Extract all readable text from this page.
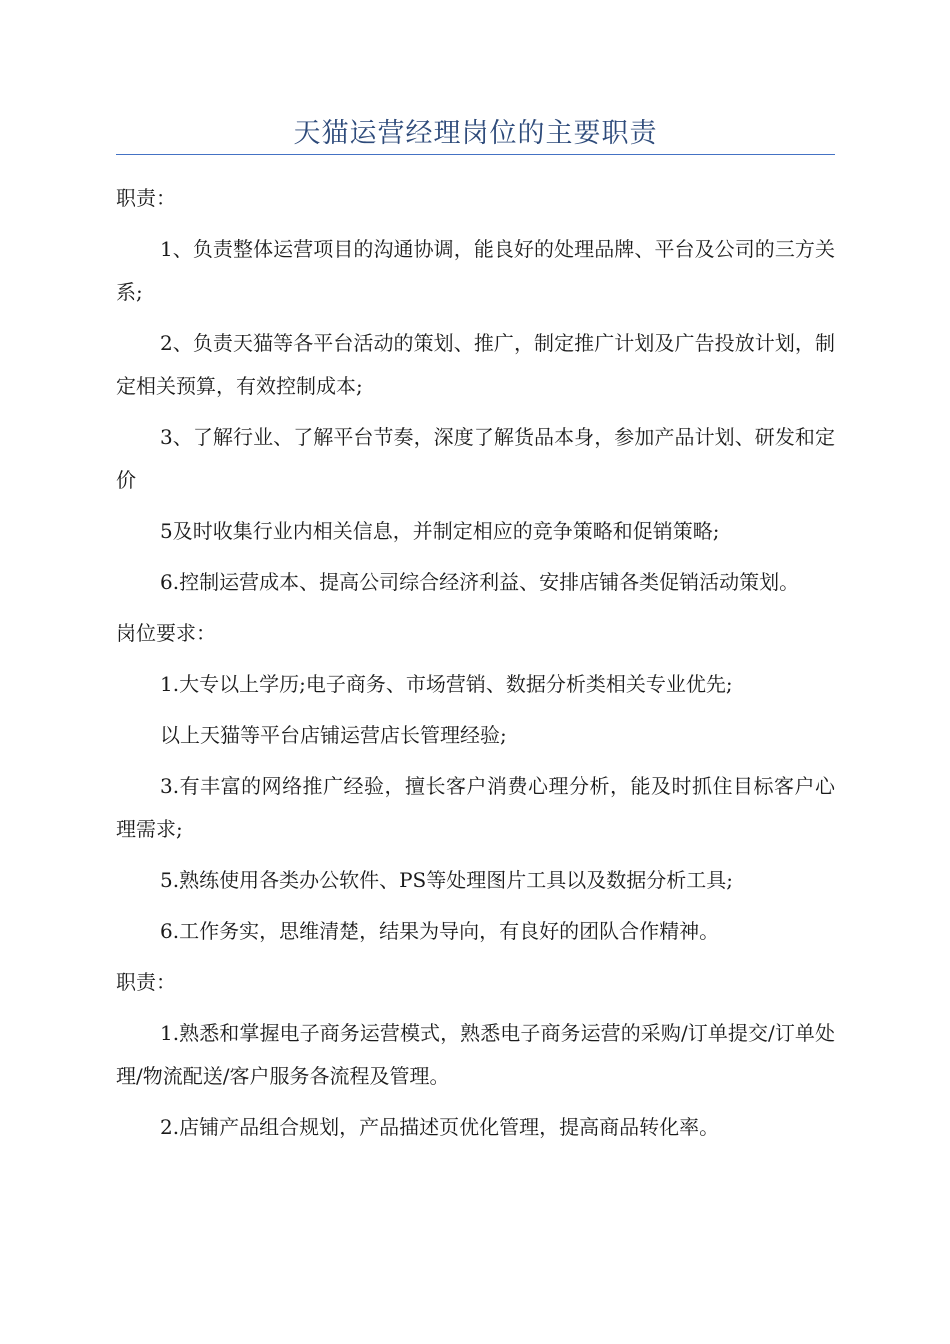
天猫运营经理岗位的主要职责
职责：
1、负责整体运营项目的沟通协调，能良好的处理品牌、平台及公司的三方关系;
2、负责天猫等各平台活动的策划、推广，制定推广计划及广告投放计划，制定相关预算，有效控制成本;
3、了解行业、了解平台节奏，深度了解货品本身，参加产品计划、研发和定价
5及时收集行业内相关信息，并制定相应的竞争策略和促销策略;
6.控制运营成本、提高公司综合经济利益、安排店铺各类促销活动策划。
岗位要求：
1.大专以上学历;电子商务、市场营销、数据分析类相关专业优先;
以上天猫等平台店铺运营店长管理经验;
3.有丰富的网络推广经验，擅长客户消费心理分析，能及时抓住目标客户心理需求;
5.熟练使用各类办公软件、PS等处理图片工具以及数据分析工具;
6.工作务实，思维清楚，结果为导向，有良好的团队合作精神。
职责：
1.熟悉和掌握电子商务运营模式，熟悉电子商务运营的采购/订单提交/订单处理/物流配送/客户服务各流程及管理。
2.店铺产品组合规划，产品描述页优化管理，提高商品转化率。
